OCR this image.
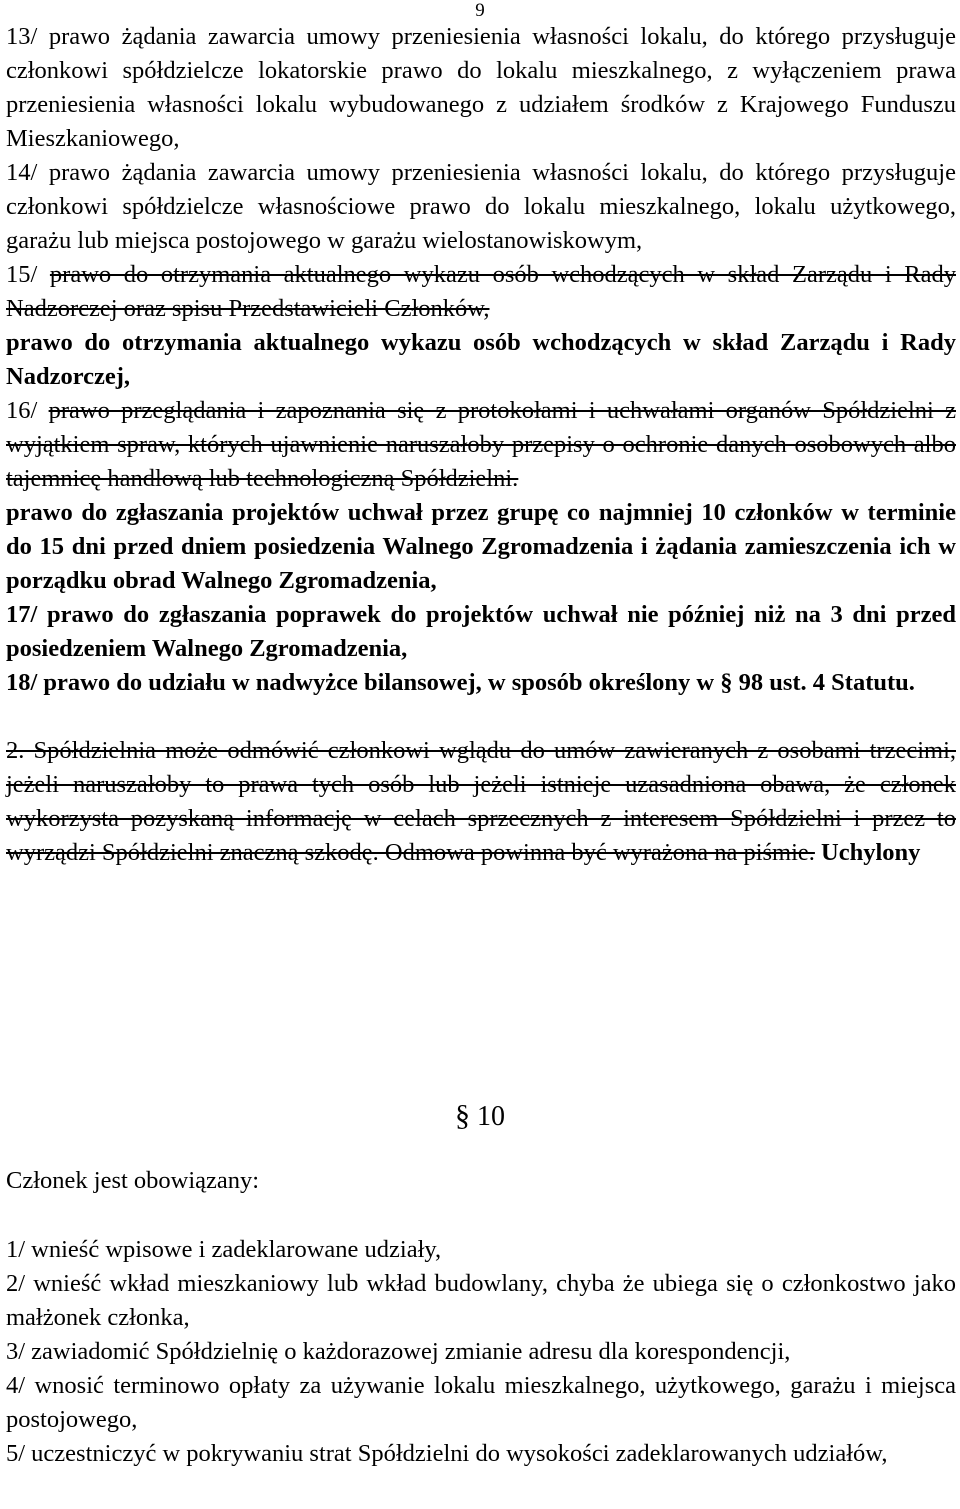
9

13/ prawo żądania zawarcia umowy przeniesienia własności lokalu, do którego przysługuje członkowi spółdzielcze lokatorskie prawo do lokalu mieszkalnego, z wyłączeniem prawa przeniesienia własności lokalu wybudowanego z udziałem środków z Krajowego Funduszu Mieszkaniowego,

14/ prawo żądania zawarcia umowy przeniesienia własności lokalu, do którego przysługuje członkowi spółdzielcze własnościowe prawo do lokalu mieszkalnego, lokalu użytkowego, garażu lub miejsca postojowego w garażu wielostanowiskowym,

15/ prawo do otrzymania aktualnego wykazu osób wchodzących w skład Zarządu i Rady Nadzorczej oraz spisu Przedstawicieli Członków,

prawo do otrzymania aktualnego wykazu osób wchodzących w skład Zarządu i Rady Nadzorczej,

16/ prawo przeglądania i zapoznania się z protokołami i uchwałami organów Spółdzielni z wyjątkiem spraw, których ujawnienie naruszałoby przepisy o ochronie danych osobowych albo tajemnicę handlową lub technologiczną Spółdzielni.

prawo do zgłaszania projektów uchwał przez grupę co najmniej 10 członków w terminie do 15 dni przed dniem posiedzenia Walnego Zgromadzenia i żądania zamieszczenia ich w porządku obrad Walnego Zgromadzenia,

17/ prawo do zgłaszania poprawek do projektów uchwał nie później niż na 3 dni przed posiedzeniem Walnego Zgromadzenia,

18/ prawo do udziału w nadwyżce bilansowej, w sposób określony w § 98 ust. 4 Statutu.

2. Spółdzielnia może odmówić członkowi wglądu do umów zawieranych z osobami trzecimi, jeżeli naruszałoby to prawa tych osób lub jeżeli istnieje uzasadniona obawa, że członek wykorzysta pozyskaną informację w celach sprzecznych z interesem Spółdzielni i przez to wyrządzi Spółdzielni znaczną szkodę. Odmowa powinna być wyrażona na piśmie. Uchylony

§ 10
Członek jest obowiązany:

1/ wnieść wpisowe i zadeklarowane udziały,

2/ wnieść wkład mieszkaniowy lub wkład budowlany, chyba że ubiega się o członkostwo jako małżonek członka,

3/ zawiadomić Spółdzielnię o każdorazowej zmianie adresu dla korespondencji,

4/ wnosić terminowo opłaty za używanie lokalu mieszkalnego, użytkowego, garażu i miejsca postojowego,

5/ uczestniczyć w pokrywaniu strat Spółdzielni do wysokości zadeklarowanych udziałów,
